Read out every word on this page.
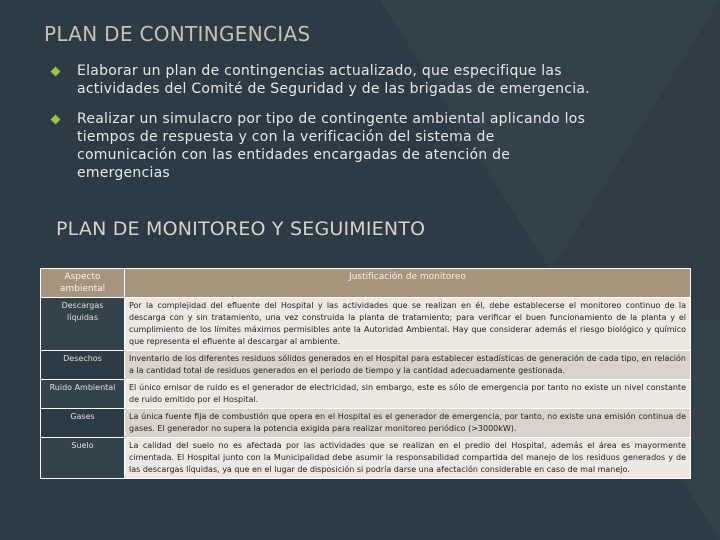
PLAN DE CONTINGENCIAS
Elaborar un plan de contingencias actualizado, que especifique las actividades del Comité de Seguridad y de las brigadas de emergencia.
Realizar un simulacro por tipo de contingente ambiental aplicando los tiempos de respuesta y con la verificación del sistema de comunicación con las entidades encargadas de atención de emergencias
PLAN DE MONITOREO Y SEGUIMIENTO
Aspecto ambiental	Justificación de monitoreo
Descargas líquidas	Por la complejidad del efluente del Hospital y las actividades que se realizan en él, debe establecerse el monitoreo continuo de la descarga con y sin tratamiento, una vez construida la planta de tratamiento; para verificar el buen funcionamiento de la planta y el cumplimiento de los límites máximos permisibles ante la Autoridad Ambiental. Hay que considerar además el riesgo biológico y químico que representa el efluente al descargar al ambiente.
Desechos	Inventario de los diferentes residuos sólidos generados en el Hospital para establecer estadísticas de generación de cada tipo, en relación a la cantidad total de residuos generados en el periodo de tiempo y la cantidad adecuadamente gestionada.
Ruido Ambiental	El único emisor de ruido es el generador de electricidad, sin embargo, este es sólo de emergencia por tanto no existe un nivel constante de ruido emitido por el Hospital.
Gases	La única fuente fija de combustión que opera en el Hospital es el generador de emergencia, por tanto, no existe una emisión continua de gases. El generador no supera la potencia exigida para realizar monitoreo periódico (>3000kW).
Suelo	La calidad del suelo no es afectada por las actividades que se realizan en el predio del Hospital, además el área es mayormente cimentada. El Hospital junto con la Municipalidad debe asumir la responsabilidad compartida del manejo de los residuos generados y de las descargas líquidas, ya que en el lugar de disposición si podría darse una afectación considerable en caso de mal manejo.
